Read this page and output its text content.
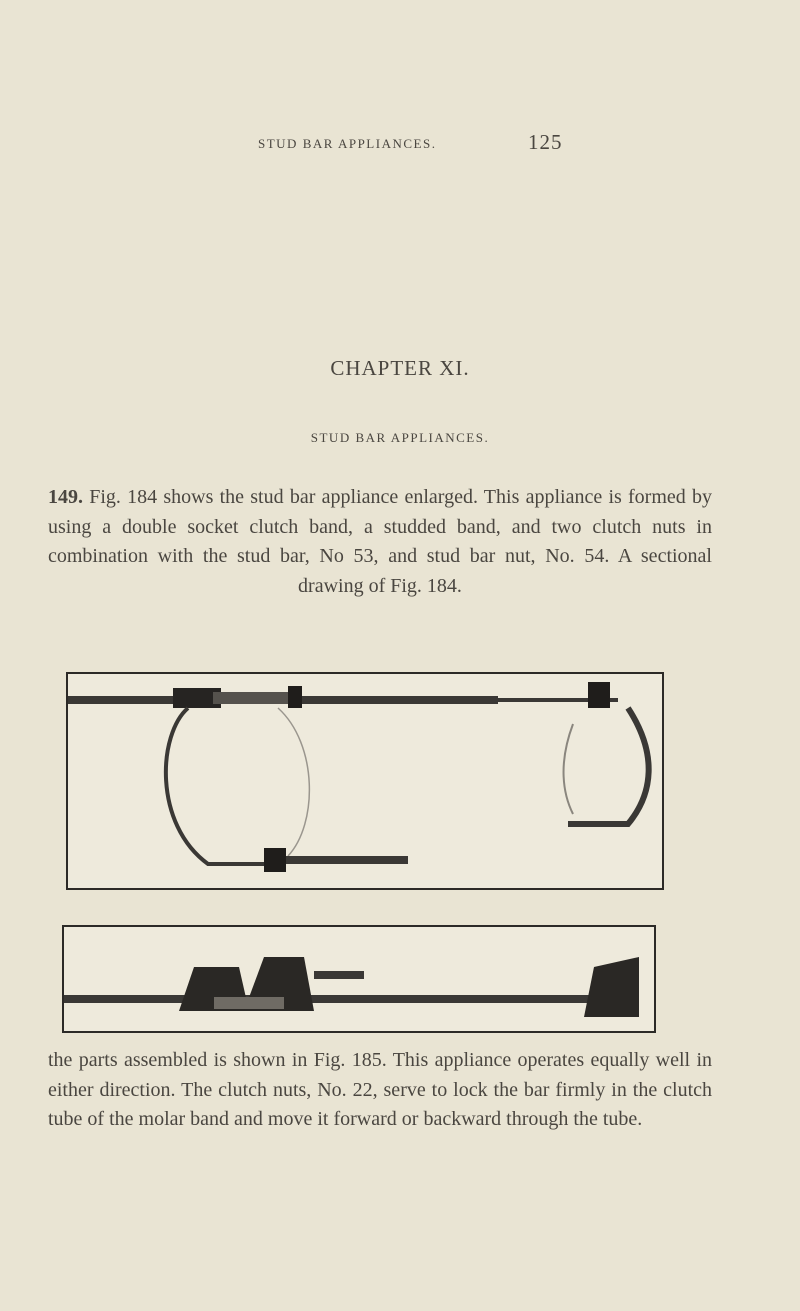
STUD BAR APPLIANCES.	125
CHAPTER XI.
STUD BAR APPLIANCES.
149. Fig. 184 shows the stud bar appliance enlarged. This appliance is formed by using a double socket clutch band, a studded band, and two clutch nuts in combination with the stud bar, No 53, and stud bar nut, No. 54. A sectional drawing of Fig. 184.
the parts assembled is shown in Fig. 185. This appliance operates equally well in either direction. The clutch nuts, No. 22, serve to lock the bar firmly in the clutch tube of the molar band and move it forward or backward through the tube.
